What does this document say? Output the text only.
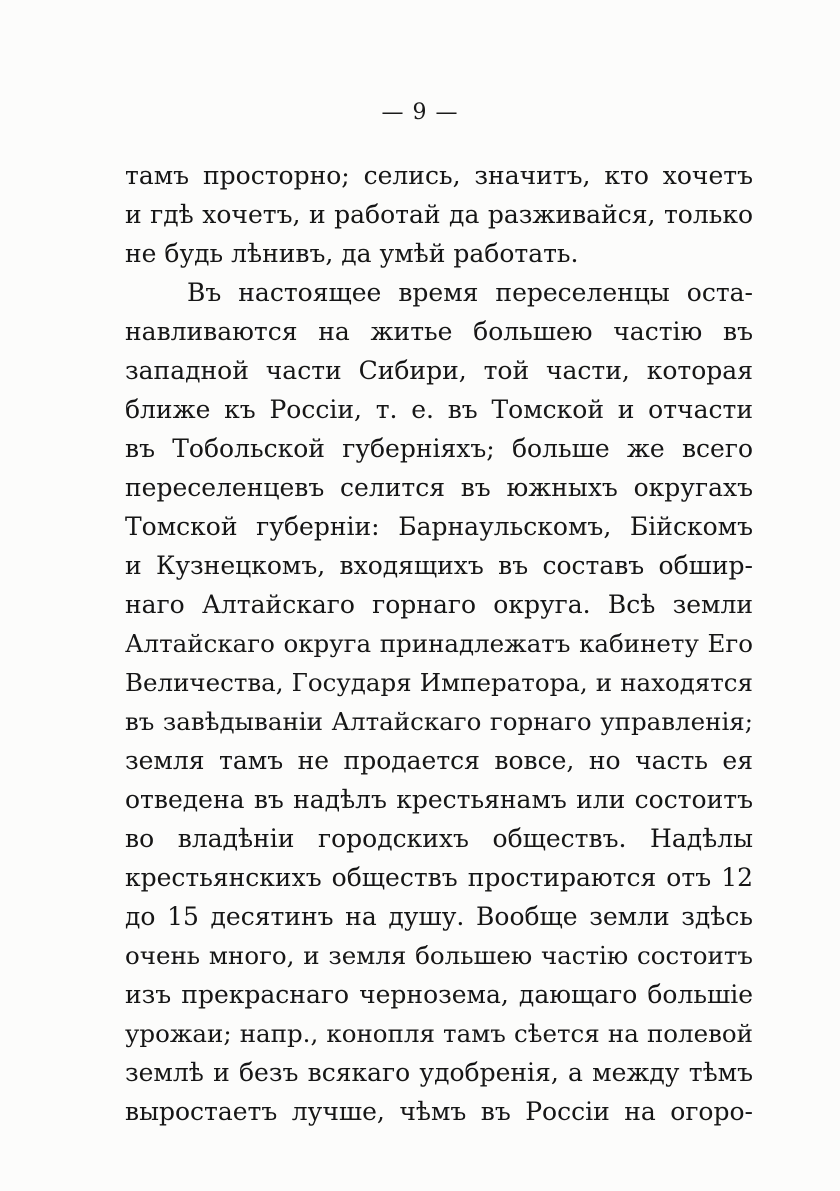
— 9 —
тамъ просторно; селись, значитъ, кто хочетъ
и гдѣ хочетъ, и работай да разживайся, только
не будь лѣнивъ, да умѣй работать.
Въ настоящее время переселенцы оста-
навливаются на житье большею частію въ
западной части Сибири, той части, которая
ближе къ Россіи, т. е. въ Томской и отчасти
въ Тобольской губерніяхъ; больше же всего
переселенцевъ селится въ южныхъ округахъ
Томской губерніи: Барнаульскомъ, Бійскомъ
и Кузнецкомъ, входящихъ въ составъ обшир-
наго Алтайскаго горнаго округа. Всѣ земли
Алтайскаго округа принадлежатъ кабинету Его
Величества, Государя Императора, и находятся
въ завѣдываніи Алтайскаго горнаго управленія;
земля тамъ не продается вовсе, но часть ея
отведена въ надѣлъ крестьянамъ или состоитъ
во владѣніи городскихъ обществъ. Надѣлы
крестьянскихъ обществъ простираются отъ 12
до 15 десятинъ на душу. Вообще земли здѣсь
очень много, и земля большею частію состоитъ
изъ прекраснаго чернозема, дающаго большіе
урожаи; напр., конопля тамъ сѣется на полевой
землѣ и безъ всякаго удобренія, а между тѣмъ
выростаетъ лучше, чѣмъ въ Россіи на огоро-
